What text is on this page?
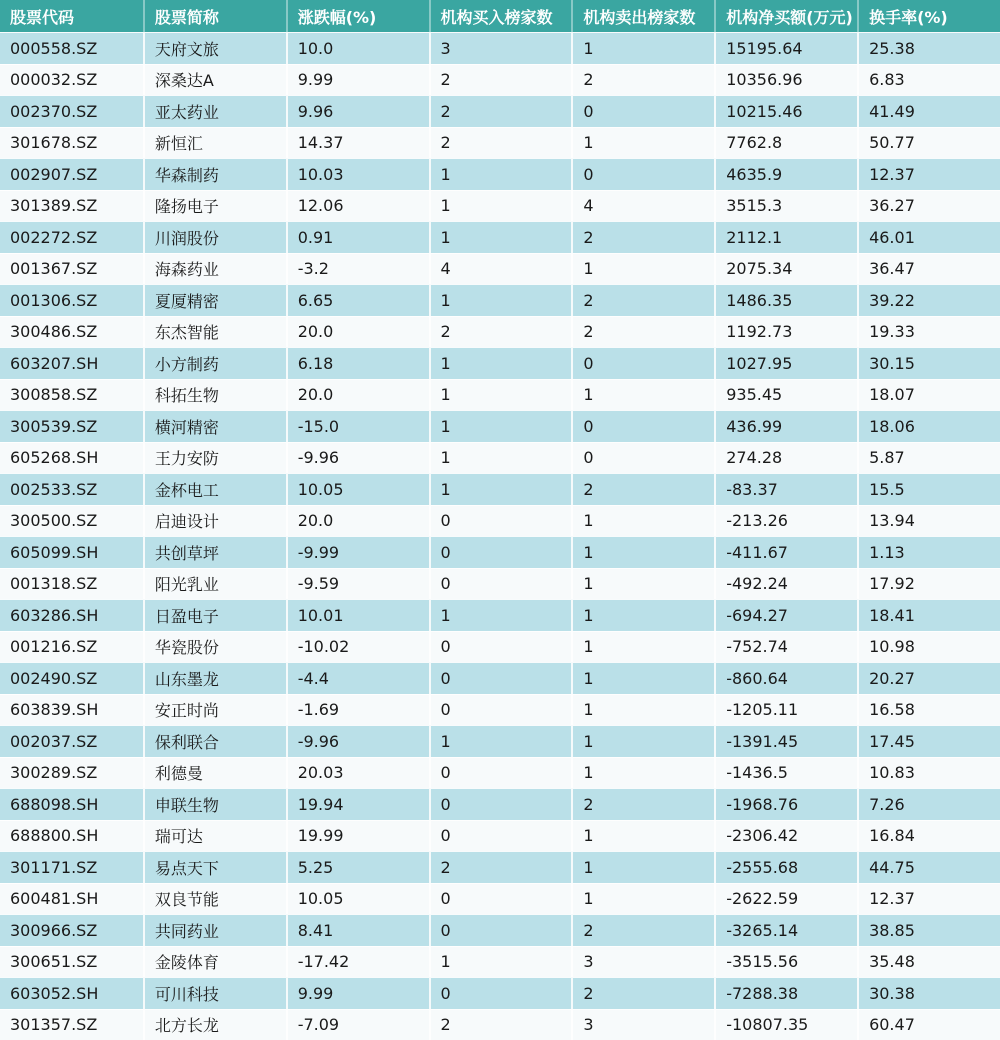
股票代码	股票简称	涨跌幅(%)	机构买入榜家数	机构卖出榜家数	机构净买额(万元)	换手率(%)
000558.SZ	天府文旅	10.0	3	1	15195.64	25.38
000032.SZ	深桑达A	9.99	2	2	10356.96	6.83
002370.SZ	亚太药业	9.96	2	0	10215.46	41.49
301678.SZ	新恒汇	14.37	2	1	7762.8	50.77
002907.SZ	华森制药	10.03	1	0	4635.9	12.37
301389.SZ	隆扬电子	12.06	1	4	3515.3	36.27
002272.SZ	川润股份	0.91	1	2	2112.1	46.01
001367.SZ	海森药业	-3.2	4	1	2075.34	36.47
001306.SZ	夏厦精密	6.65	1	2	1486.35	39.22
300486.SZ	东杰智能	20.0	2	2	1192.73	19.33
603207.SH	小方制药	6.18	1	0	1027.95	30.15
300858.SZ	科拓生物	20.0	1	1	935.45	18.07
300539.SZ	横河精密	-15.0	1	0	436.99	18.06
605268.SH	王力安防	-9.96	1	0	274.28	5.87
002533.SZ	金杯电工	10.05	1	2	-83.37	15.5
300500.SZ	启迪设计	20.0	0	1	-213.26	13.94
605099.SH	共创草坪	-9.99	0	1	-411.67	1.13
001318.SZ	阳光乳业	-9.59	0	1	-492.24	17.92
603286.SH	日盈电子	10.01	1	1	-694.27	18.41
001216.SZ	华瓷股份	-10.02	0	1	-752.74	10.98
002490.SZ	山东墨龙	-4.4	0	1	-860.64	20.27
603839.SH	安正时尚	-1.69	0	1	-1205.11	16.58
002037.SZ	保利联合	-9.96	1	1	-1391.45	17.45
300289.SZ	利德曼	20.03	0	1	-1436.5	10.83
688098.SH	申联生物	19.94	0	2	-1968.76	7.26
688800.SH	瑞可达	19.99	0	1	-2306.42	16.84
301171.SZ	易点天下	5.25	2	1	-2555.68	44.75
600481.SH	双良节能	10.05	0	1	-2622.59	12.37
300966.SZ	共同药业	8.41	0	2	-3265.14	38.85
300651.SZ	金陵体育	-17.42	1	3	-3515.56	35.48
603052.SH	可川科技	9.99	0	2	-7288.38	30.38
301357.SZ	北方长龙	-7.09	2	3	-10807.35	60.47
